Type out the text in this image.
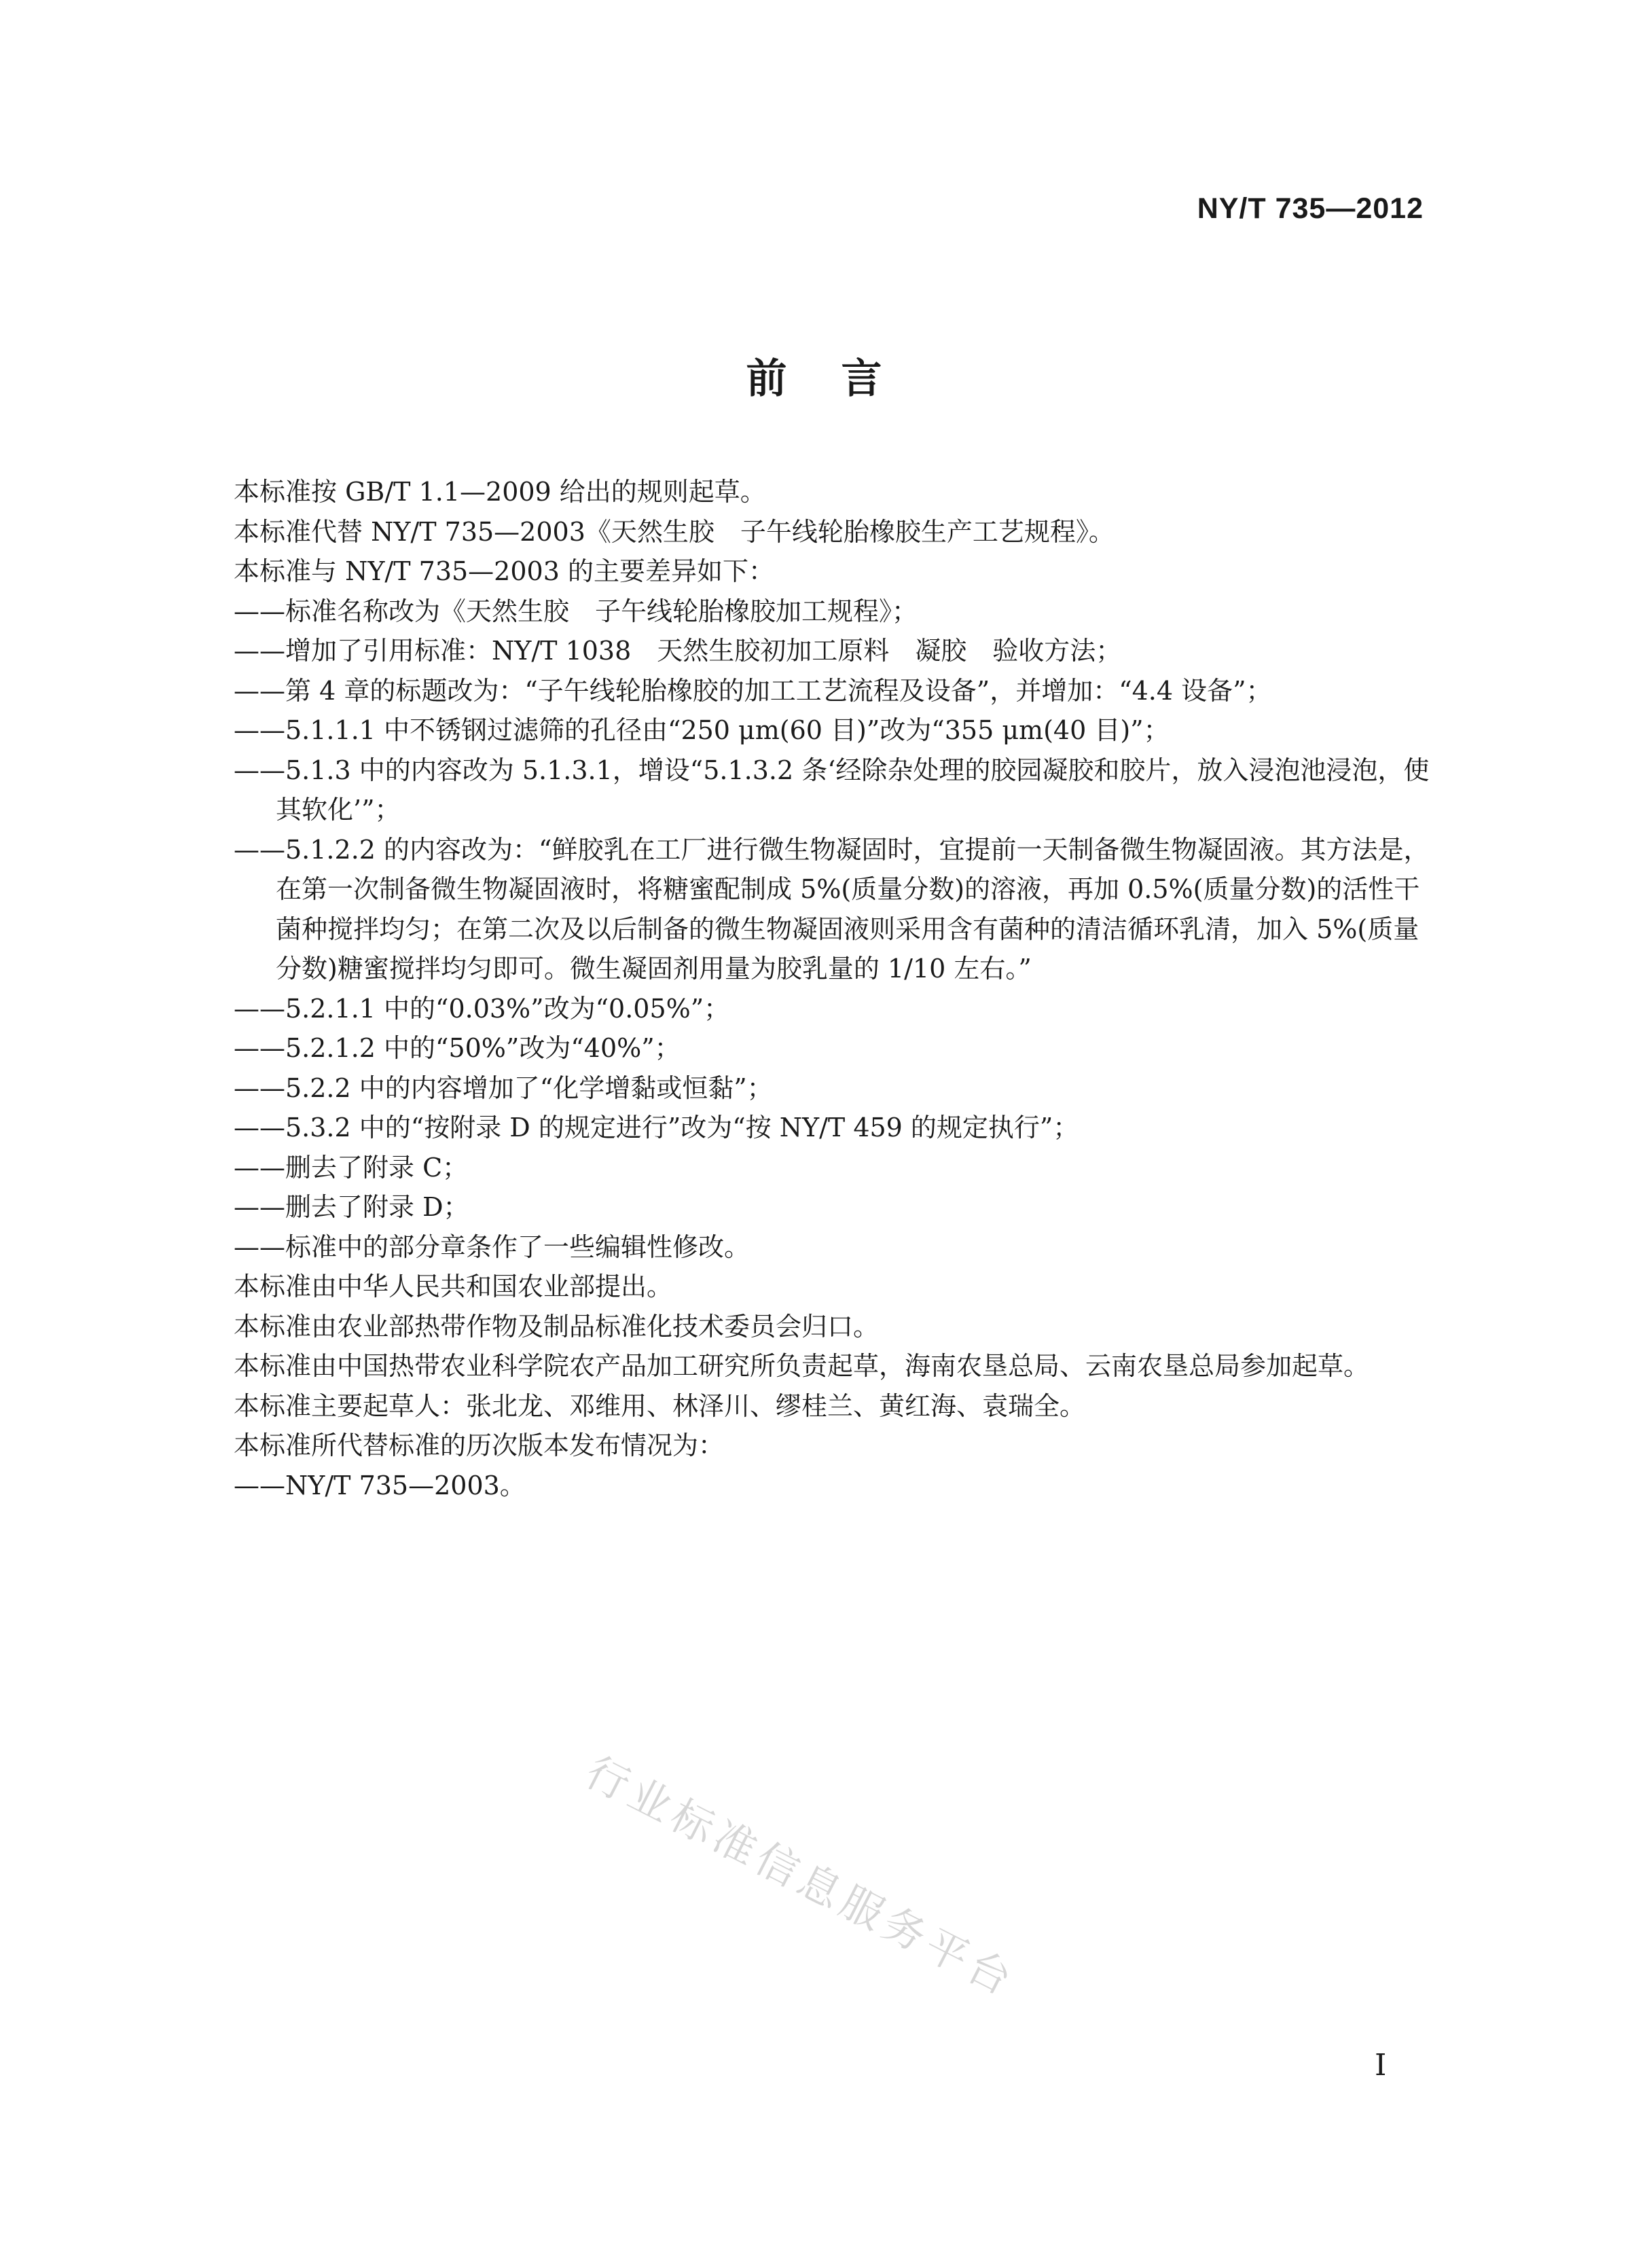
NY/T 735—2012
前言
本标准按 GB/T 1.1—2009 给出的规则起草。
本标准代替 NY/T 735—2003《天然生胶　子午线轮胎橡胶生产工艺规程》。
本标准与 NY/T 735—2003 的主要差异如下：
——标准名称改为《天然生胶　子午线轮胎橡胶加工规程》；
——增加了引用标准：NY/T 1038　天然生胶初加工原料　凝胶　验收方法；
——第 4 章的标题改为：“子午线轮胎橡胶的加工工艺流程及设备”，并增加：“4.4 设备”；
——5.1.1.1 中不锈钢过滤筛的孔径由“250 μm(60 目)”改为“355 μm(40 目)”；
——5.1.3 中的内容改为 5.1.3.1，增设“5.1.3.2 条‘经除杂处理的胶园凝胶和胶片，放入浸泡池浸泡，使其软化’”；
——5.1.2.2 的内容改为：“鲜胶乳在工厂进行微生物凝固时，宜提前一天制备微生物凝固液。其方法是，在第一次制备微生物凝固液时，将糖蜜配制成 5%(质量分数)的溶液，再加 0.5%(质量分数)的活性干菌种搅拌均匀；在第二次及以后制备的微生物凝固液则采用含有菌种的清洁循环乳清，加入 5%(质量分数)糖蜜搅拌均匀即可。微生凝固剂用量为胶乳量的 1/10 左右。”
——5.2.1.1 中的“0.03%”改为“0.05%”；
——5.2.1.2 中的“50%”改为“40%”；
——5.2.2 中的内容增加了“化学增黏或恒黏”；
——5.3.2 中的“按附录 D 的规定进行”改为“按 NY/T 459 的规定执行”；
——删去了附录 C；
——删去了附录 D；
——标准中的部分章条作了一些编辑性修改。
本标准由中华人民共和国农业部提出。
本标准由农业部热带作物及制品标准化技术委员会归口。
本标准由中国热带农业科学院农产品加工研究所负责起草，海南农垦总局、云南农垦总局参加起草。
本标准主要起草人：张北龙、邓维用、林泽川、缪桂兰、黄红海、袁瑞全。
本标准所代替标准的历次版本发布情况为：
——NY/T 735—2003。
行业标准信息服务平台
I
